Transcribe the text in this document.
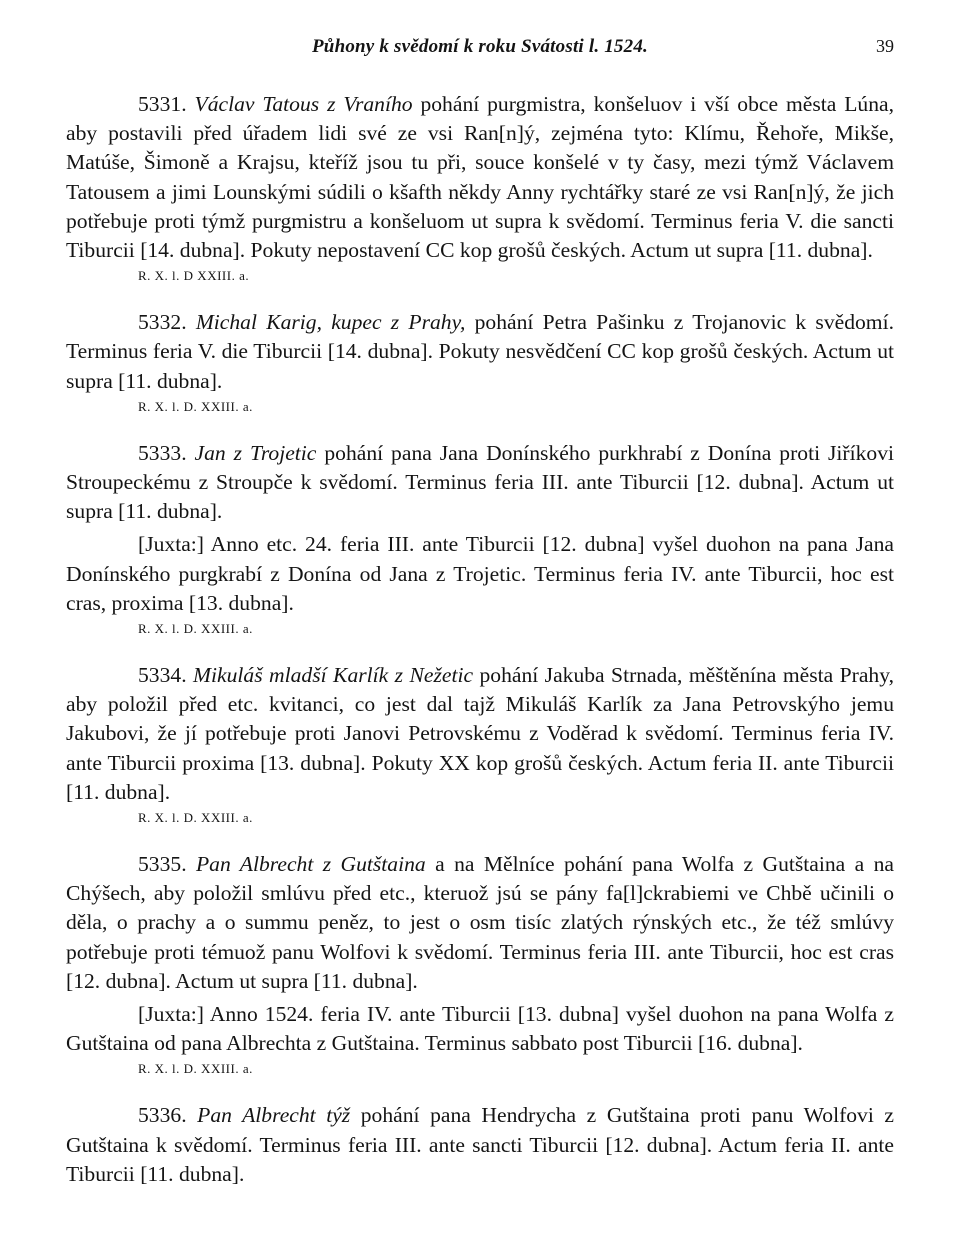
Půhony k svědomí k roku Svátosti l. 1524.	39

5331. Václav Tatous z Vraního pohání purgmistra, konšeluov i vší obce města Lúna, aby postavili před úřadem lidi své ze vsi Ran[n]ý, zejména tyto: Klímu, Řehoře, Mikše, Matúše, Šimoně a Krajsu, kteříž jsou tu při, souce konšelé v ty časy, mezi týmž Václavem Tatousem a jimi Lounskými súdili o kšafth někdy Anny rychtářky staré ze vsi Ran[n]ý, že jich potřebuje proti týmž purgmistru a konšeluom ut supra k svědomí. Terminus feria V. die sancti Tiburcii [14. dubna]. Pokuty nepostavení CC kop grošů českých. Actum ut supra [11. dubna].

R. X. l. D XXIII. a.

5332. Michal Karig, kupec z Prahy, pohání Petra Pašinku z Trojanovic k svědomí. Terminus feria V. die Tiburcii [14. dubna]. Pokuty nesvědčení CC kop grošů českých. Actum ut supra [11. dubna].

R. X. l. D. XXIII. a.

5333. Jan z Trojetic pohání pana Jana Donínského purkhrabí z Donína proti Jiříkovi Stroupeckému z Stroupče k svědomí. Terminus feria III. ante Tiburcii [12. dubna]. Actum ut supra [11. dubna].

[Juxta:] Anno etc. 24. feria III. ante Tiburcii [12. dubna] vyšel duohon na pana Jana Donínského purgkrabí z Donína od Jana z Trojetic. Terminus feria IV. ante Tiburcii, hoc est cras, proxima [13. dubna].

R. X. l. D. XXIII. a.

5334. Mikuláš mladší Karlík z Nežetic pohání Jakuba Strnada, měštěnína města Prahy, aby položil před etc. kvitanci, co jest dal tajž Mikuláš Karlík za Jana Petrovskýho jemu Jakubovi, že jí potřebuje proti Janovi Petrovskému z Voděrad k svědomí. Terminus feria IV. ante Tiburcii proxima [13. dubna]. Pokuty XX kop grošů českých. Actum feria II. ante Tiburcii [11. dubna].

R. X. l. D. XXIII. a.

5335. Pan Albrecht z Gutštaina a na Mělníce pohání pana Wolfa z Gutštaina a na Chýšech, aby položil smlúvu před etc., kteruož jsú se pány fa[l]ckrabiemi ve Chbě učinili o děla, o prachy a o summu peněz, to jest o osm tisíc zlatých rýnských etc., že též smlúvy potřebuje proti témuož panu Wolfovi k svědomí. Terminus feria III. ante Tiburcii, hoc est cras [12. dubna]. Actum ut supra [11. dubna].

[Juxta:] Anno 1524. feria IV. ante Tiburcii [13. dubna] vyšel duohon na pana Wolfa z Gutštaina od pana Albrechta z Gutštaina. Terminus sabbato post Tiburcii [16. dubna].

R. X. l. D. XXIII. a.

5336. Pan Albrecht týž pohání pana Hendrycha z Gutštaina proti panu Wolfovi z Gutštaina k svědomí. Terminus feria III. ante sancti Tiburcii [12. dubna]. Actum feria II. ante Tiburcii [11. dubna].
